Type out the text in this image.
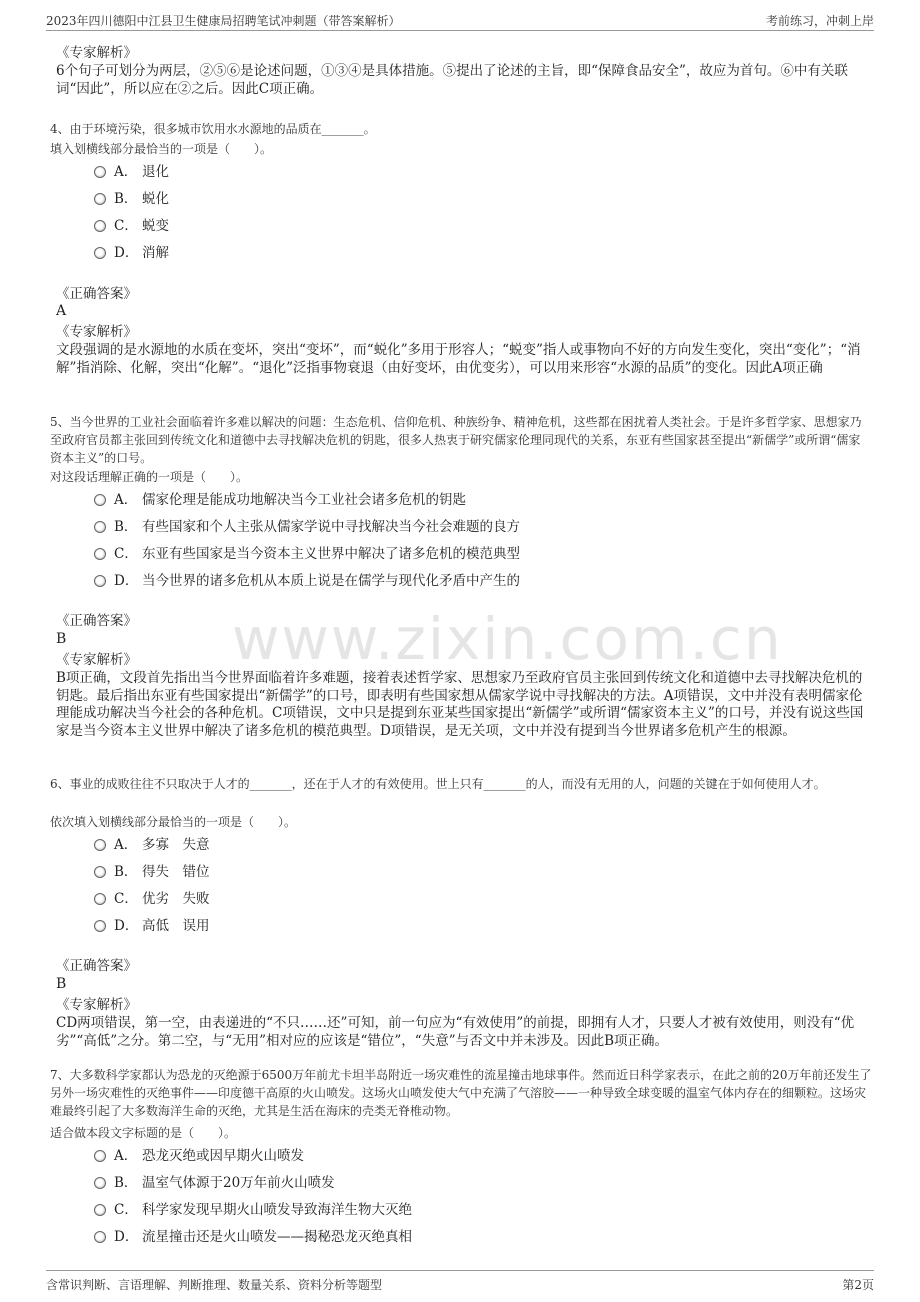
2023年四川德阳中江县卫生健康局招聘笔试冲刺题（带答案解析）	考前练习，冲刺上岸
www.zixin.com.cn
《专家解析》
6个句子可划分为两层，②⑤⑥是论述问题，①③④是具体措施。⑤提出了论述的主旨，即“保障食品安全”，故应为首句。⑥中有关联词“因此”，所以应在②之后。因此C项正确。
4、由于环境污染，很多城市饮用水水源地的品质在_______。
填入划横线部分最恰当的一项是（　　）。
A． 退化
B． 蜕化
C． 蜕变
D． 消解
《正确答案》
A
《专家解析》
文段强调的是水源地的水质在变坏，突出“变坏”，而“蜕化”多用于形容人；“蜕变”指人或事物向不好的方向发生变化，突出“变化”；“消解”指消除、化解，突出“化解”。“退化”泛指事物衰退（由好变坏，由优变劣），可以用来形容“水源的品质”的变化。因此A项正确
5、当今世界的工业社会面临着许多难以解决的问题：生态危机、信仰危机、种族纷争、精神危机，这些都在困扰着人类社会。于是许多哲学家、思想家乃至政府官员都主张回到传统文化和道德中去寻找解决危机的钥匙，很多人热衷于研究儒家伦理同现代的关系，东亚有些国家甚至提出“新儒学”或所谓“儒家资本主义”的口号。
对这段话理解正确的一项是（　　）。
A． 儒家伦理是能成功地解决当今工业社会诸多危机的钥匙
B． 有些国家和个人主张从儒家学说中寻找解决当今社会难题的良方
C． 东亚有些国家是当今资本主义世界中解决了诸多危机的模范典型
D． 当今世界的诸多危机从本质上说是在儒学与现代化矛盾中产生的
《正确答案》
B
《专家解析》
B项正确，文段首先指出当今世界面临着许多难题，接着表述哲学家、思想家乃至政府官员主张回到传统文化和道德中去寻找解决危机的钥匙。最后指出东亚有些国家提出“新儒学”的口号，即表明有些国家想从儒家学说中寻找解决的方法。A项错误，文中并没有表明儒家伦理能成功解决当今社会的各种危机。C项错误，文中只是提到东亚某些国家提出“新儒学”或所谓“儒家资本主义”的口号，并没有说这些国家是当今资本主义世界中解决了诸多危机的模范典型。D项错误，是无关项，文中并没有提到当今世界诸多危机产生的根源。
6、事业的成败往往不只取决于人才的_______，还在于人才的有效使用。世上只有_______的人，而没有无用的人，问题的关键在于如何使用人才。
依次填入划横线部分最恰当的一项是（　　）。
A． 多寡　失意
B． 得失　错位
C． 优劣　失败
D． 高低　误用
《正确答案》
B
《专家解析》
CD两项错误，第一空，由表递进的“不只……还”可知，前一句应为“有效使用”的前提，即拥有人才，只要人才被有效使用，则没有“优劣”“高低”之分。第二空，与“无用”相对应的应该是“错位”，“失意”与否文中并未涉及。因此B项正确。
7、大多数科学家都认为恐龙的灭绝源于6500万年前尤卡坦半岛附近一场灾难性的流星撞击地球事件。然而近日科学家表示，在此之前的20万年前还发生了另外一场灾难性的灭绝事件——印度德干高原的火山喷发。这场火山喷发使大气中充满了气溶胶——一种导致全球变暖的温室气体内存在的细颗粒。这场灾难最终引起了大多数海洋生命的灭绝，尤其是生活在海床的壳类无脊椎动物。
适合做本段文字标题的是（　　）。
A． 恐龙灭绝或因早期火山喷发
B． 温室气体源于20万年前火山喷发
C． 科学家发现早期火山喷发导致海洋生物大灭绝
D． 流星撞击还是火山喷发——揭秘恐龙灭绝真相
含常识判断、言语理解、判断推理、数量关系、资料分析等题型	第2页
